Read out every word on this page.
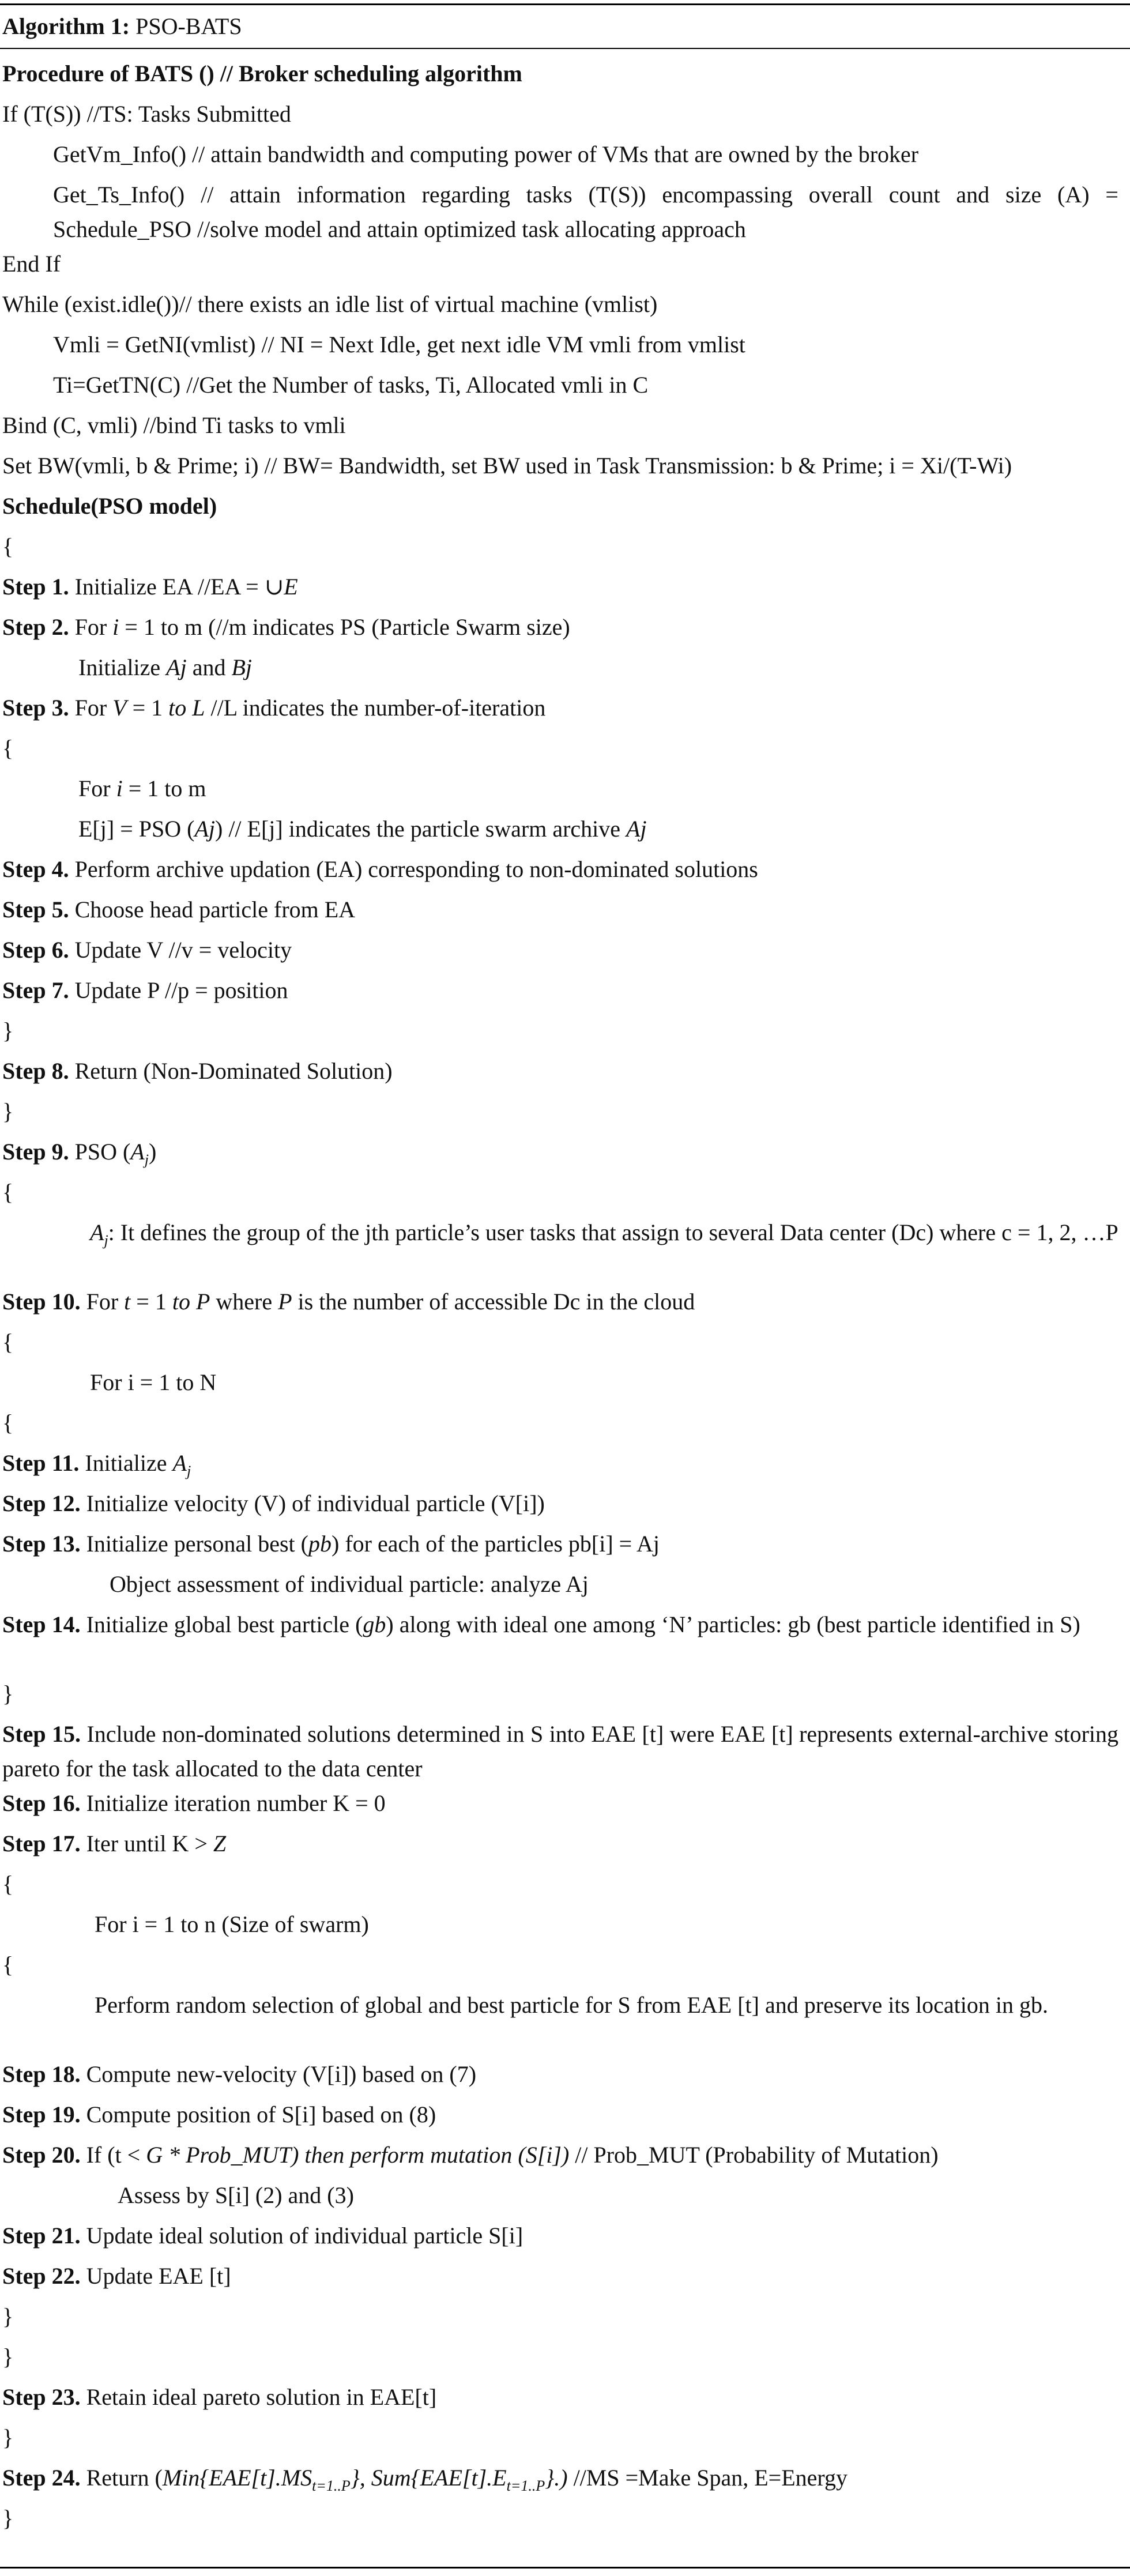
Algorithm 1: PSO-BATS
Procedure of BATS () // Broker scheduling algorithm
If (T(S)) //TS: Tasks Submitted
GetVm_Info() // attain bandwidth and computing power of VMs that are owned by the broker
Get_Ts_Info() // attain information regarding tasks (T(S)) encompassing overall count and size (A) = Schedule_PSO //solve model and attain optimized task allocating approach
End If
While (exist.idle())// there exists an idle list of virtual machine (vmlist)
Vmli = GetNI(vmlist) // NI = Next Idle, get next idle VM vmli from vmlist
Ti=GetTN(C) //Get the Number of tasks, Ti, Allocated vmli in C
Bind (C, vmli) //bind Ti tasks to vmli
Set BW(vmli, b & Prime; i) // BW= Bandwidth, set BW used in Task Transmission: b & Prime; i = Xi/(T-Wi)
Schedule(PSO model)
{
Step 1. Initialize EA //EA = ∪E
Step 2. For i = 1 to m (//m indicates PS (Particle Swarm size)
Initialize Aj and Bj
Step 3. For V = 1 to L //L indicates the number-of-iteration
{
For i = 1 to m
E[j] = PSO (Aj) // E[j] indicates the particle swarm archive Aj
Step 4. Perform archive updation (EA) corresponding to non-dominated solutions
Step 5. Choose head particle from EA
Step 6. Update V //v = velocity
Step 7. Update P //p = position
}
Step 8. Return (Non-Dominated Solution)
}
Step 9. PSO $(A_j)$
{
$A_j$: It defines the group of the jth particle’s user tasks that assign to several Data center (Dc) where c = 1, 2, …P
Step 10. For t = 1 to P where P is the number of accessible Dc in the cloud
{
For i = 1 to N
{
Step 11. Initialize $A_j$
Step 12. Initialize velocity (V) of individual particle (V[i])
Step 13. Initialize personal best (pb) for each of the particles pb[i] = Aj
Object assessment of individual particle: analyze Aj
Step 14. Initialize global best particle (gb) along with ideal one among ‘N’ particles: gb (best particle identified in S)
}
Step 15. Include non-dominated solutions determined in S into EAE [t] were EAE [t] represents external-archive storing pareto for the task allocated to the data center
Step 16. Initialize iteration number K = 0
Step 17. Iter until K > Z
{
For i = 1 to n (Size of swarm)
{
Perform random selection of global and best particle for S from EAE [t] and preserve its location in gb.
Step 18. Compute new-velocity (V[i]) based on (7)
Step 19. Compute position of S[i] based on (8)
Step 20. If (t < G * Prob_MUT) then perform mutation (S[i]) // Prob_MUT (Probability of Mutation)
Assess by S[i] (2) and (3)
Step 21. Update ideal solution of individual particle S[i]
Step 22. Update EAE [t]
}
}
Step 23. Retain ideal pareto solution in EAE[t]
}
Step 24. Return ($Min\{EAE[t].MS_{t=1..P}\}$, $Sum\{EAE[t].E_{t=1..P}\}$.) //MS =Make Span, E=Energy
}
